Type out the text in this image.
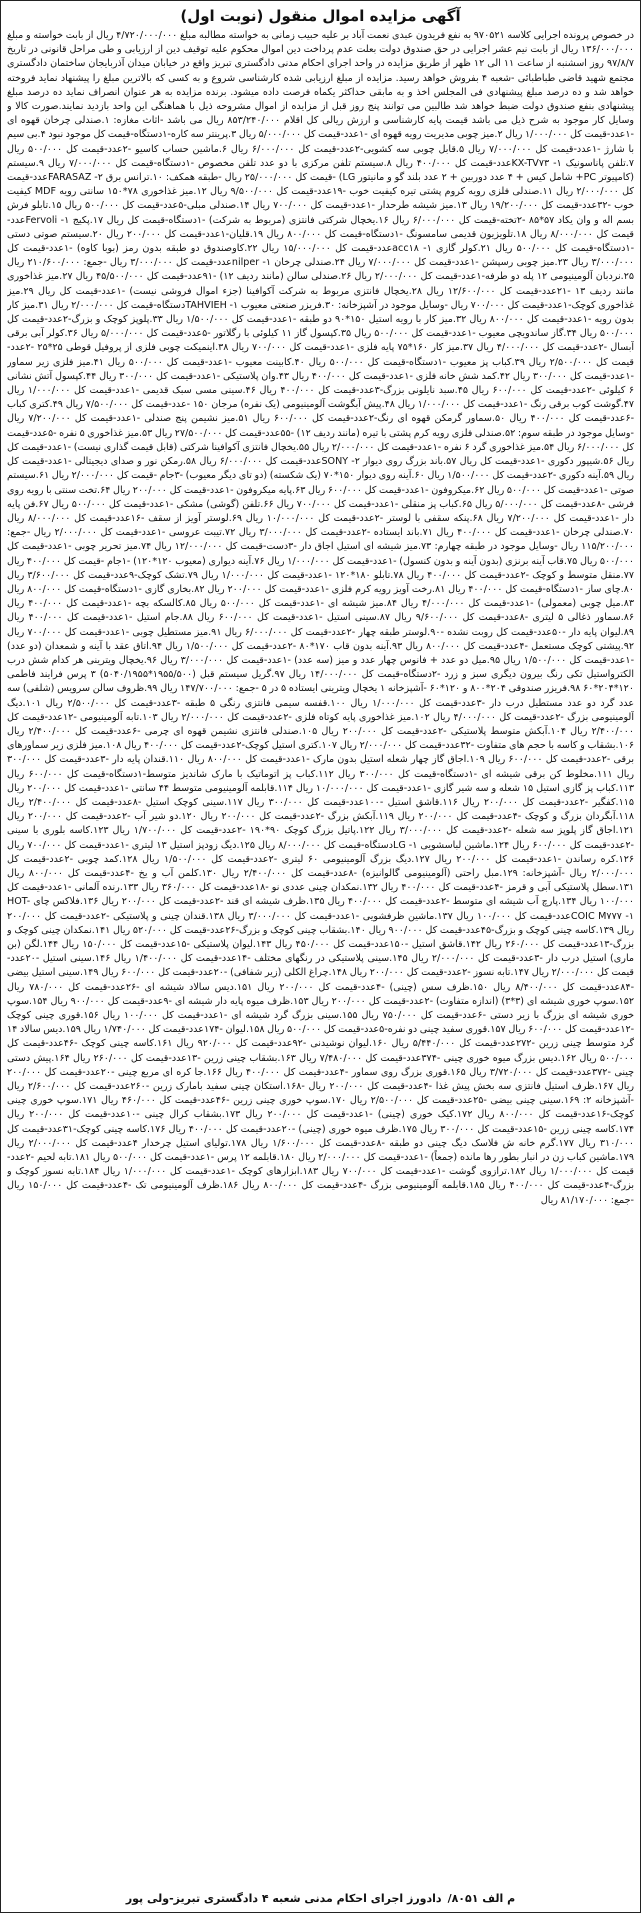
آگهی مزایده اموال منقول (نوبت اول)

در خصوص پرونده اجرایی کلاسه ۹۷۰۵۲۱ به نفع فریدون عبدی نعمت آباد بر علیه حبیب زمانی به خواسته مطالبه مبلغ ۴/۷۲۰/۰۰۰/۰۰۰ ریال از بابت خواسته و مبلغ ۱۳۶/۰۰۰/۰۰۰ ریال از بابت نیم عشر اجرایی در حق صندوق دولت بعلت عدم پرداخت دین اموال محکوم علیه توقیف دین از ارزیابی و طی مراحل قانونی در تاریخ ۹۷/۸/۷ روز اسشنبه از ساعت ۱۱ الی ۱۲ ظهر از طریق مزایده در واحد اجرای احکام مدنی دادگستری تبریز واقع در خیابان میدان آذربایجان ساختمان دادگستری مجتمع شهید قاضی طباطبائی -شعبه ۴ بفروش خواهد رسید. مزایده از مبلغ ارزیابی شده کارشناسی شروع و به کسی که بالاترین مبلغ را پیشنهاد نماید فروخته خواهد شد و ده درصد مبلغ پیشنهادی فی المجلس اخذ و به مابقی حداکثر یکماه فرصت داده میشود. برنده مزایده به هر عنوان انصراف نماید ده درصد مبلغ پیشنهادی بنفع صندوق دولت ضبط خواهد شد طالبین می توانند پنج روز قبل از مزایده از اموال مشروحه ذیل با هماهنگی این واحد بازدید نمایند.صورت کالا و وسایل کار موجود به شرح ذیل می باشد قیمت پایه کارشناسی و ارزش ریالی کل اقلام ۸۵۳/۲۴۰/۰۰۰ ریال می باشد -اثاث مغازه: ۱.صندلی چرخان قهوه ای -۱عدد-قیمت کل ۱/۰۰۰/۰۰۰ ریال ۲.میز چوبی مدیریت رویه قهوه ای -۱عدد-قیمت کل ۵/۰۰۰/۰۰۰ ریال ۳.پرینتر سه کاره-۱دستگاه-قیمت کل موجود نبود ۴.بی سیم با شارژ -۱عدد-قیمت کل ۷/۰۰۰/۰۰۰ ریال ۵.قابل چوبی سه کشویی-۲عدد-قیمت کل ۶/۰۰۰/۰۰۰ ریال ۶.ماشین حساب کاسیو -۲عدد-قیمت کل ۵۰۰/۰۰۰ ریال ۷.تلفن پاناسونیک KX-TV۷۳ -۱عدد-قیمت کل ۴۰۰/۰۰۰ ریال ۸.سیستم تلفن مرکزی با دو عدد تلفن مخصوص -۱دستگاه-قیمت کل ۷/۰۰۰/۰۰۰ ریال ۹.سیستم (کامپیوتر PC+ شامل کیس + ۴ عدد دوربین + ۲ عدد بلند گو و مانیتور LG) -قیمت کل ۲۵/۰۰۰/۰۰۰ ریال -طبقه همکف: ۱۰.ترانس برق FARASAZ -۲عدد-قیمت کل ۲/۰۰۰/۰۰۰ ریال ۱۱.صندلی فلزی رویه کروم پشتی تیره کیفیت خوب -۱۹عدد-قیمت کل ۹/۵۰۰/۰۰۰ ریال ۱۲.میز غذاخوری ۷۸*۱۵۰ سانتی رویه MDF کیفیت خوب -۳۲عدد-قیمت کل ۱۹/۲۰۰/۰۰۰ ریال ۱۳.میز شیشه طرحدار -۱عدد-قیمت کل ۷۰۰/۰۰۰ ریال ۱۴.صندلی مبلی-۵عدد-قیمت کل ۵۰۰/۰۰۰ ریال ۱۵.تابلو فرش بسم اله و وان یکاد ۵۷*۸۵ -۲تخته-قیمت کل ۶/۰۰۰/۰۰۰ ریال ۱۶.یخچال شرکتی فانتزی (مربوط به شرکت) -۱دستگاه-قیمت کل ریال ۱۷.پکیج Fervoli -۱عدد-قیمت کل ۸/۰۰۰/۰۰۰ ریال ۱۸.تلویزیون قدیمی سامسونگ -۱دستگاه-قیمت کل ۸۰۰/۰۰۰ ریال ۱۹.قلیان-۱عدد-قیمت کل ۲۰۰/۰۰۰ ریال ۲۰.سیستم صوتی دستی -۱دستگاه-قیمت کل ۵۰۰/۰۰۰ ریال ۲۱.کولر گازی acc۱۸ -۱عدد-قیمت کل ۱۵/۰۰۰/۰۰۰ ریال ۲۲.کاوصندوق دو طبقه بدون رمز (بوبا کاوه) -۱عدد-قیمت کل ۳/۰۰۰/۰۰۰ ریال ۲۳.میز چوبی رسپشن -۱عدد-قیمت کل ۷/۰۰۰/۰۰۰ ریال ۲۴.صندلی چرخان nilper -۱عدد-قیمت کل ۳/۰۰۰/۰۰۰ ریال -جمع: ۲۱۰/۶۰۰/۰۰۰ ریال ۲۵.نردبان آلومینیومی ۱۲ پله دو طرفه-۱عدد-قیمت کل ۲/۰۰۰/۰۰۰ ریال ۲۶.صندلی سالن (مانند ردیف ۱۲) -۹۱عدد-قیمت کل ۴۵/۵۰۰/۰۰۰ ریال ۲۷.میز غذاخوری مانند ردیف ۱۳ -۲۱عدد-قیمت کل ۱۲/۶۰۰/۰۰۰ ریال ۲۸.یخچال فانتزی مربوط به شرکت آکوافینا (جزء اموال فروشی نیست) -۱عدد-قیمت کل ریال ۲۹.میز غذاخوری کوچک-۱عدد-قیمت کل ۷۰۰/۰۰۰ ریال -وسایل موجود در آشپزخانه: ۳۰.فریزر صنعتی معیوب TAHVIEH -۱دستگاه-قیمت کل ۲/۰۰۰/۰۰۰ ریال ۳۱.میز کار بدون رویه -۱عدد-قیمت کل ۸۰۰/۰۰۰ ریال ۳۲.میز کار با رویه استیل ۱۵۰*۹۰ دو طبقه -۱عدد-قیمت کل ۱/۵۰۰/۰۰۰ ریال ۳۳.پلوپز کوچک و بزرگ-۲عدد-قیمت کل ۵۰۰/۰۰۰ ریال ۳۴.گاز ساندویچی معیوب -۱عدد-قیمت کل ۵۰۰/۰۰۰ ریال ۳۵.کپسول گاز ۱۱ کیلوئی با رگلاتور -۵عدد-قیمت کل ۵/۰۰۰/۰۰۰ ریال ۳۶.کولر آبی برقی آبسال -۲عدد-قیمت کل ۴/۰۰۰/۰۰۰ ریال ۳۷.میز کار ۱۶۰*۷۵ پایه فلزی -۱عدد-قیمت کل ۷۰۰/۰۰۰ ریال ۳۸.اینمیکت چوبی فلزی از پروفیل قوطی ۲۵*۲۵ -۲عدد-قیمت کل ۲/۵۰۰/۰۰۰ ریال ۳۹.کباب پز معیوب -۱دستگاه-قیمت کل ۵۰۰/۰۰۰ ریال ۴۰.کابینت معیوب -۱عدد-قیمت کل ۵۰۰/۰۰۰ ریال ۴۱.میز فلزی زیر سماور -۱عدد-قیمت کل ۳۰۰/۰۰۰ ریال ۴۲.کمد شش خانه فلزی -۱عدد-قیمت کل ۴۰۰/۰۰۰ ریال ۴۳.وان پلاستیکی -۱عدد-قیمت کل ۳۰۰/۰۰۰ ریال ۴۴.کپسول آتش نشانی ۶ کیلوئی -۲عدد-قیمت کل ۶۰۰/۰۰۰ ریال ۴۵.سبد نایلونی بزرگ-۳عدد-قیمت کل ۴۰۰/۰۰۰ ریال ۴۶.سینی مسی سبک قدیمی -۱عدد-قیمت کل ۱/۰۰۰/۰۰۰ ریال ۴۷.گوشت کوب برقی رنگ -۱عدد-قیمت کل ۱/۰۰۰/۰۰۰ ریال ۴۸.پیش آبگوشت آلومینیومی (یک نفره) مرجان ۱۵۰ -عدد-قیمت کل ۷/۵۰۰/۰۰۰ ریال ۴۹.کتری کباب -۶عدد-قیمت کل ۴۰۰/۰۰۰ ریال ۵۰.سماور گرمکن قهوه ای رنگ-۲عدد-قیمت کل ۶۰۰/۰۰۰ ریال ۵۱.میز نشیمن پنج صندلی -۱عدد-قیمت کل ۷/۲۰۰/۰۰۰ ریال -وسایل موجود در طبقه سوم: ۵۲.صندلی فلزی رویه کرم پشتی با تیره (مانند ردیف ۱۲) -۵۵عدد-قیمت کل ۲۷/۵۰۰/۰۰۰ ریال ۵۳.میز غذاخوری ۵ نفره -۵عدد-قیمت کل ۶/۰۰۰/۰۰۰ ریال ۵۴.میز غذاخوری گرد ۶ نفره -۱عدد-قیمت کل ۲/۰۰۰/۰۰۰ ریال ۵۵.یخچال فانتزی آکوافینا شرکتی (قابل قیمت گذاری نیست) -۱عدد-قیمت کل ریال ۵۶.شیپور دکوری -۱عدد-قیمت کل ریال ۵۷.باند بزرگ روی دیوار SONY -۲عدد-قیمت کل ۶/۰۰۰/۰۰۰ ریال ۵۸.رمکن نور و صدای دیجیتالی -۱عدد-قیمت کل ریال ۵۹.آینه دکوری -۲عدد-قیمت کل ۱/۵۰۰/۰۰۰ ریال ۶۰.آینه روی دیوار ۱۵۰*۷۰ (یک شکسته) (دو تای دیگر معیوب) -۳جام -قیمت کل ۲/۰۰۰/۰۰۰ ریال ۶۱.سیستم صوتی -۱عدد-قیمت کل ۵۰۰/۰۰۰ ریال ۶۲.میکروفون -۱عدد-قیمت کل ۶۰۰/۰۰۰ ریال ۶۳.پایه میکروفون -۱عدد-قیمت کل ۲۰۰/۰۰۰ ریال ۶۴.تخت سنتی با رویه روی فرشی -۸عدد-قیمت کل ۵/۰۰۰/۰۰۰ ریال ۶۵.کباب پز منقلی -۱عدد-قیمت کل ۷۰۰/۰۰۰ ریال ۶۶.تلفن (گوشی) مشکی -۱عدد-قیمت کل ۵۰۰/۰۰۰ ریال ۶۷.فن پایه دار -۱عدد-قیمت کل ۷/۲۰۰/۰۰۰ ریال ۶۸.پنکه سقفی با لوستر -۲عدد-قیمت کل ۱۰/۰۰۰/۰۰۰ ریال ۶۹.لوستر آویز از سقف -۱۶عدد-قیمت کل ۸/۰۰۰/۰۰۰ ریال ۷۰.صندلی چرخان -۱عدد-قیمت کل ۴۰۰/۰۰۰ ریال ۷۱.باند ایستاده -۲عدد-قیمت کل ۳/۰۰۰/۰۰۰ ریال ۷۲.تیبت عروسی -۱عدد-قیمت کل ۲/۰۰۰/۰۰۰ ریال -جمع: ۱۱۵/۲۰۰/۰۰۰ ریال -وسایل موجود در طبقه چهارم: ۷۳.میز شیشه ای استیل اجاق دار -۳دست-قیمت کل ۱۲/۰۰۰/۰۰۰ ریال ۷۴.میز تحریر چوبی -۱عدد-قیمت کل ۵۰۰/۰۰۰ ریال ۷۵.قاب آینه برنزی (بدون آینه و بدون کنسول) -۱عدد-قیمت کل ۱/۰۰۰/۰۰۰ ریال ۷۶.آینه دیواری (معیوب ۱۲۰*۱۲۰) -۱جام -قیمت کل ۴۰۰/۰۰۰ ریال ۷۷.منقل متوسط و کوچک -۲عدد-قیمت کل ۴۰۰/۰۰۰ ریال ۷۸.تابلو ۱۸۰*۱۲۰ -۱عدد-قیمت کل ۱/۰۰۰/۰۰۰ ریال ۷۹.تشک کوچک-۹عدد-قیمت کل ۳/۶۰۰/۰۰۰ ریال ۸۰.چای ساز -۱دستگاه-قیمت کل ۴۰۰/۰۰۰ ریال ۸۱.رخت آویز رویه کرم فلزی -۱عدد-قیمت کل ۲۰۰/۰۰۰ ریال ۸۲.بخاری گازی -۱دستگاه-قیمت کل ۸۰۰/۰۰۰ ریال ۸۳.میل چوبی (معمولی) -۱عدد-قیمت کل ۴/۰۰۰/۰۰۰ ریال ۸۴.میز شیشه ای -۱عدد-قیمت کل ۵۰۰/۰۰۰ ریال ۸۵.کالسکه بچه -۱عدد-قیمت کل ۴۰۰/۰۰۰ ریال ۸۶.سماور ذغالی ۵ لیتری -۸عدد-قیمت کل ۹/۶۰۰/۰۰۰ ریال ۸۷.سینی استیل -۱عدد-قیمت کل ۶۰۰/۰۰۰ ریال ۸۸.جام استیل -۱عدد-قیمت کل ۴۰۰/۰۰۰ ریال ۸۹.لیوان پایه دار -۵۰عدد-قیمت کل روبت نشده -۹۰.لوستر طبقه چهار -۲عدد-قیمت کل ۶/۰۰۰/۰۰۰ ریال ۹۱.میز مستطیل چوبی -۱عدد-قیمت کل ۷۰۰/۰۰۰ ریال ۹۲.پیشتی کوچک مستعمل -۴عدد-قیمت کل ۸۰۰/۰۰۰ ریال ۹۳.آینه بدون قاب ۱۷۰*۸۰ -۲عدد-قیمت کل ۱/۵۰۰/۰۰۰ ریال ۹۴.اتاق عقد با آینه و شمعدان (دو عدد) -۱عدد-قیمت کل ۱/۵۰۰/۰۰۰ ریال ۹۵.میل دو عدد + فانوس چهار عدد و میز (سه عدد) -۱عدد-قیمت کل ۳/۰۰۰/۰۰۰ ریال ۹۶.یخچال ویترینی هر کدام شش درب الکترواستیل تکی رنگ بیرون دیگری سبز و زرد -۲دستگاه-قیمت کل ۱۴/۰۰۰/۰۰۰ ریال ۹۷.گریل سیستم قبل (۱۹۵۵/۵۰۰*۵۰۴۰/۱۹۵۵) ۳ پرس فرایند فاطمی ۱۲۰*۲۰۴*۶۰ ۹۸.فریزر صندوقی ۲۰۴*۸۰۰ و ۱۲۰*۶۰ -آشپزخانه ۱ یخچال ویترینی ایستاده ۵ در ۵ -جمع: ۱۴۷/۷۰۰/۰۰۰ ریال ۹۹.ظروف سالن سرویس (شلفی) سه عدد گرد دو عدد مستطیل درب دار -۳عدد-قیمت کل ۱/۰۰۰/۰۰۰ ریال ۱۰۰.قفسه سیمی فانتزی رنگی ۵ طبقه -۳عدد-قیمت کل ۲/۵۰۰/۰۰۰ ریال ۱۰۱.دیگ آلومینیومی بزرگ -۲عدد-قیمت کل ۴/۰۰۰/۰۰۰ ریال ۱۰۲.میز غذاخوری پایه کوتاه فلزی -۲عدد-قیمت کل ۲/۰۰۰/۰۰۰ ریال ۱۰۳.تابه آلومینیومی -۱۲عدد-قیمت کل ۲/۴۰۰/۰۰۰ ریال ۱۰۴.آبکش متوسط پلاستیکی -۲عدد-قیمت کل ۲۰۰/۰۰۰ ریال ۱۰۵.صندلی فانتزی نشیمن قهوه ای چرمی -۶عدد-قیمت کل ۲/۴۰۰/۰۰۰ ریال ۱۰۶.بشقاب و کاسه با حجم های متفاوت -۳۲عدد-قیمت کل ۲/۰۰۰/۰۰۰ ریال ۱۰۷.کتری استیل کوچک-۲عدد-قیمت کل ۴۰۰/۰۰۰ ریال ۱۰۸.میز فلزی زیر سماورهای برقی -۲عدد-قیمت کل ۶۰۰/۰۰۰ ریال ۱۰۹.اجاق گاز چهار شعله استیل بدون مارک -۱عدد-قیمت کل ۸۰۰/۰۰۰ ریال ۱۱۰.قندان پایه دار -۳عدد-قیمت کل ۳۰۰/۰۰۰ ریال ۱۱۱.مخلوط کن برقی شیشه ای -۱دستگاه-قیمت کل ۳۰۰/۰۰۰ ریال ۱۱۲.کباب پز اتوماتیک با مارک شاندیز متوسط-۱دستگاه-قیمت کل ۶۰۰/۰۰۰ ریال ۱۱۳.کباب پز گازی استیل ۱۵ شعله و سه شیر گازی -۱عدد-قیمت کل ۱۰/۰۰۰/۰۰۰ ریال ۱۱۴.قابلمه آلومینیومی متوسط ۴۴ سانتی -۱عدد-قیمت کل ۲۰۰/۰۰۰ ریال ۱۱۵.کفگیر -۲عدد-قیمت کل ۲۰۰/۰۰۰ ریال ۱۱۶.قاشق استیل -۱۰۰عدد-قیمت کل ۳۰۰/۰۰۰ ریال ۱۱۷.سینی کوچک استیل -۸عدد-قیمت کل ۲/۴۰۰/۰۰۰ ریال ۱۱۸.آبگردان بزرگ و کوچک -۴عدد-قیمت کل ۲۰۰/۰۰۰ ریال ۱۱۹.آبکش بزرگ -۲عدد-قیمت کل ۲۰۰/۰۰۰ ریال ۱۲۰.دو شیر آب -۲عدد-قیمت کل ۲۰۰/۰۰۰ ریال ۱۲۱.اجاق گاز پلوپز سه شعله -۲عدد-قیمت کل ۳/۰۰۰/۰۰۰ ریال ۱۲۲.پاتیل بزرگ کوچک ۹۰*۱۹۰ -۲عدد-قیمت کل ۱/۷۰۰/۰۰۰ ریال ۱۲۳.کاسه بلوری با سینی -۲عدد-قیمت کل ۶۰۰/۰۰۰ ریال ۱۲۴.ماشین لباسشویی LG -۱دستگاه-قیمت کل ۸/۰۰۰/۰۰۰ ریال ۱۲۵.دیگ زودپز استیل ۱۳ لیتری -۱عدد-قیمت کل ۷۰۰/۰۰۰ ریال ۱۲۶.کره رساندن -۱عدد-قیمت کل ۲۰۰/۰۰۰ ریال ۱۲۷.دیگ بزرگ آلومینیومی ۶۰ لیتری -۲عدد-قیمت کل ۱/۵۰۰/۰۰۰ ریال ۱۲۸.کمد چوبی -۲عدد-قیمت کل ۲/۰۰۰/۰۰۰ ریال -آشپزخانه: ۱۲۹.مبل راحتی (آلومینیومی گالوانیزه) -۸عدد-قیمت کل ۲/۴۰۰/۰۰۰ ریال ۱۳۰.کلمن آب و یخ -۴عدد-قیمت کل ۸۰۰/۰۰۰ ریال ۱۳۱.سطل پلاستیکی آبی و قرمز -۴عدد-قیمت کل ۴۰۰/۰۰۰ ریال ۱۳۲.نمکدان چینی عددی نو -۱۸عدد-قیمت کل ۳۶۰/۰۰۰ ریال ۱۳۳.رنده آلمانی -۱عدد-قیمت کل ۱۰۰/۰۰۰ ریال ۱۳۴.پارچ آب شیشه ای متوسط -۲عدد-قیمت کل ۴۰۰/۰۰۰ ریال ۱۳۵.ظرف شیشه ای قند -۲عدد-قیمت کل ۲۰۰/۰۰۰ ریال ۱۳۶.فلاکس چای HOT-COIC M۷۷۷ -۱عدد-قیمت کل ۱۰۰/۰۰۰ ریال ۱۳۷.ماشین ظرفشویی -۱عدد-قیمت کل ۳/۰۰۰/۰۰۰ ریال ۱۳۸.قندان چینی و پلاستیکی -۲عدد-قیمت کل ۲۰۰/۰۰۰ ریال ۱۳۹.کاسه چینی کوچک و بزرگ-۴۵عدد-قیمت کل ۹۰۰/۰۰۰ ریال ۱۴۰.بشقاب چینی کوچک و بزرگ-۲۶عدد-قیمت کل ۵۲۰/۰۰۰ ریال ۱۴۱.نمکدان چینی کوچک و بزرگ-۱۳عدد-قیمت کل ۲۶۰/۰۰۰ ریال ۱۴۲.قاشق استیل -۱۵۰عدد-قیمت کل ۴۵۰/۰۰۰ ریال ۱۴۳.لیوان پلاستیکی -۱۵عدد-قیمت کل ۱۵۰/۰۰۰ ریال ۱۴۴.لگن (بن ماری) استیل درب دار -۳عدد-قیمت کل ۲/۰۰۰/۰۰۰ ریال ۱۴۵.سینی پلاستیکی در رنگهای مختلف -۱۴عدد-قیمت کل ۱/۴۰۰/۰۰۰ ریال ۱۴۶.سینی استیل -۲۰عدد-قیمت کل ۲/۰۰۰/۰۰۰ ریال ۱۴۷.تابه نسوز -۲عدد-قیمت کل ۲۰۰/۰۰۰ ریال ۱۴۸.چراغ الکلی (زیر شفافی) -۲۰عدد-قیمت کل ۶۰۰/۰۰۰ ریال ۱۴۹.سینی استیل بیضی -۸۴عدد-قیمت کل ۸/۴۰۰/۰۰۰ ریال ۱۵۰.ظرف سس (چینی) -۴عدد-قیمت کل ۲۰۰/۰۰۰ ریال ۱۵۱.دیس سالاد شیشه ای -۲۶عدد-قیمت کل ۷۸۰/۰۰۰ ریال ۱۵۲.سوپ خوری شیشه ای (۳*۳) (اندازه متفاوت) -۲عدد-قیمت کل ۲۰۰/۰۰۰ ریال ۱۵۳.ظرف میوه پایه دار شیشه ای -۹عدد-قیمت کل ۹۰۰/۰۰۰ ریال ۱۵۴.سوپ خوری شیشه ای بزرگ با زیر دستی -۶عدد-قیمت کل ۷۵۰/۰۰۰ ریال ۱۵۵.سینی بزرگ گرد شیشه ای -۱عدد-قیمت کل ۱۰۰/۰۰۰ ریال ۱۵۶.قوری چینی کوچک -۱۲عدد-قیمت کل ۶۰۰/۰۰۰ ریال ۱۵۷.قوری سفید چینی دو نفره-۵عدد-قیمت کل ۵۰۰/۰۰۰ ریال ۱۵۸.لیوان -۱۷۴عدد-قیمت کل ۱/۷۴۰/۰۰۰ ریال ۱۵۹.دیس سالاد ۱۴ گرد متوسط چینی زرین -۲۷۲عدد-قیمت کل ۵/۴۴۰/۰۰۰ ریال ۱۶۰.لیوان نوشیدنی -۹۲عدد-قیمت کل ۹۲۰/۰۰۰ ریال ۱۶۱.کاسه چینی کوچک -۴۶عدد-قیمت کل ۵۰۰/۰۰۰ ریال ۱۶۲.دیس بزرگ میوه خوری چینی -۳۷۴عدد-قیمت کل ۷/۴۸۰/۰۰۰ ریال ۱۶۳.بشقاب چینی زرین -۱۳عدد-قیمت کل ۲۶۰/۰۰۰ ریال ۱۶۴.پیش دستی چینی -۳۷۲عدد-قیمت کل ۳/۷۲۰/۰۰۰ ریال ۱۶۵.قوری بزرگ روی سماور -۴عدد-قیمت کل ۴۰۰/۰۰۰ ریال ۱۶۶.جا کره ای مربع چینی -۲۰عدد-قیمت کل ۲۰۰/۰۰۰ ریال ۱۶۷.ظرف استیل فانتزی سه بخش پیش غذا -۴عدد-قیمت کل ۲۰۰/۰۰۰ ریال -۱۶۸.استکان چینی سفید بامارک زرین -۲۶۰عدد-قیمت کل ۲/۶۰۰/۰۰۰ ریال -آشپزخانه ۲: ۱۶۹.سینی چینی بیضی -۲۵عدد-قیمت کل ۲/۵۰۰/۰۰۰ ریال ۱۷۰.سوپ خوری چینی زرین -۴۶عدد-قیمت کل ۴۶۰/۰۰۰ ریال ۱۷۱.سوپ خوری چینی کوچک-۱۶عدد-قیمت کل ۸۰۰/۰۰۰ ریال ۱۷۲.کیک خوری (چینی) -۱عدد-قیمت کل ۲۰۰/۰۰۰ ریال ۱۷۳.بشقاب کرال چینی -۱۰عدد-قیمت کل ۲۰۰/۰۰۰ ریال ۱۷۴.کاسه چینی زرین -۱۵عدد-قیمت کل ۳۰۰/۰۰۰ ریال ۱۷۵.ظرف میوه خوری (چینی) -۲۰عدد-قیمت کل ۴۰۰/۰۰۰ ریال ۱۷۶.کاسه چینی کوچک-۳۱عدد-قیمت کل ۳۱۰/۰۰۰ ریال ۱۷۷.گرم خانه ش فلاسک دیگ چینی دو طبقه -۸عدد-قیمت کل ۱/۶۰۰/۰۰۰ ریال ۱۷۸.تولیای استیل چرخدار ۴عدد-قیمت کل ۲/۰۰۰/۰۰۰ ریال ۱۷۹.ماشین کباب زن در انبار بطور رها مانده (جمعاً) -۱عدد-قیمت کل ۲/۰۰۰/۰۰۰ ریال ۱۸۰.قابلمه ۱۲ پرس -۱عدد-قیمت کل ۵۰۰/۰۰۰ ریال ۱۸۱.تابه لحیم -۲عدد-قیمت کل ۱/۰۰۰/۰۰۰ ریال ۱۸۲.ترازوی گوشت -۱عدد-قیمت کل ۷۰۰/۰۰۰ ریال ۱۸۳.ابزارهای کوچک -۱عدد-قیمت کل ۱/۰۰۰/۰۰۰ ریال ۱۸۴.تابه نسوز کوچک و بزرگ-۴عدد-قیمت کل ۴۰۰/۰۰۰ ریال ۱۸۵.قابلمه آلومینیومی بزرگ -۴عدد-قیمت کل ۸۰۰/۰۰۰ ریال ۱۸۶.ظرف آلومینیومی تک -۴عدد-قیمت کل ۱۵۰/۰۰۰ ریال -جمع: ۸۱/۱۷۰/۰۰۰ ریال

م الف ۸۰۵۱/
دادورز اجرای احکام مدنی شعبه ۴ دادگستری تبریز-ولی پور
